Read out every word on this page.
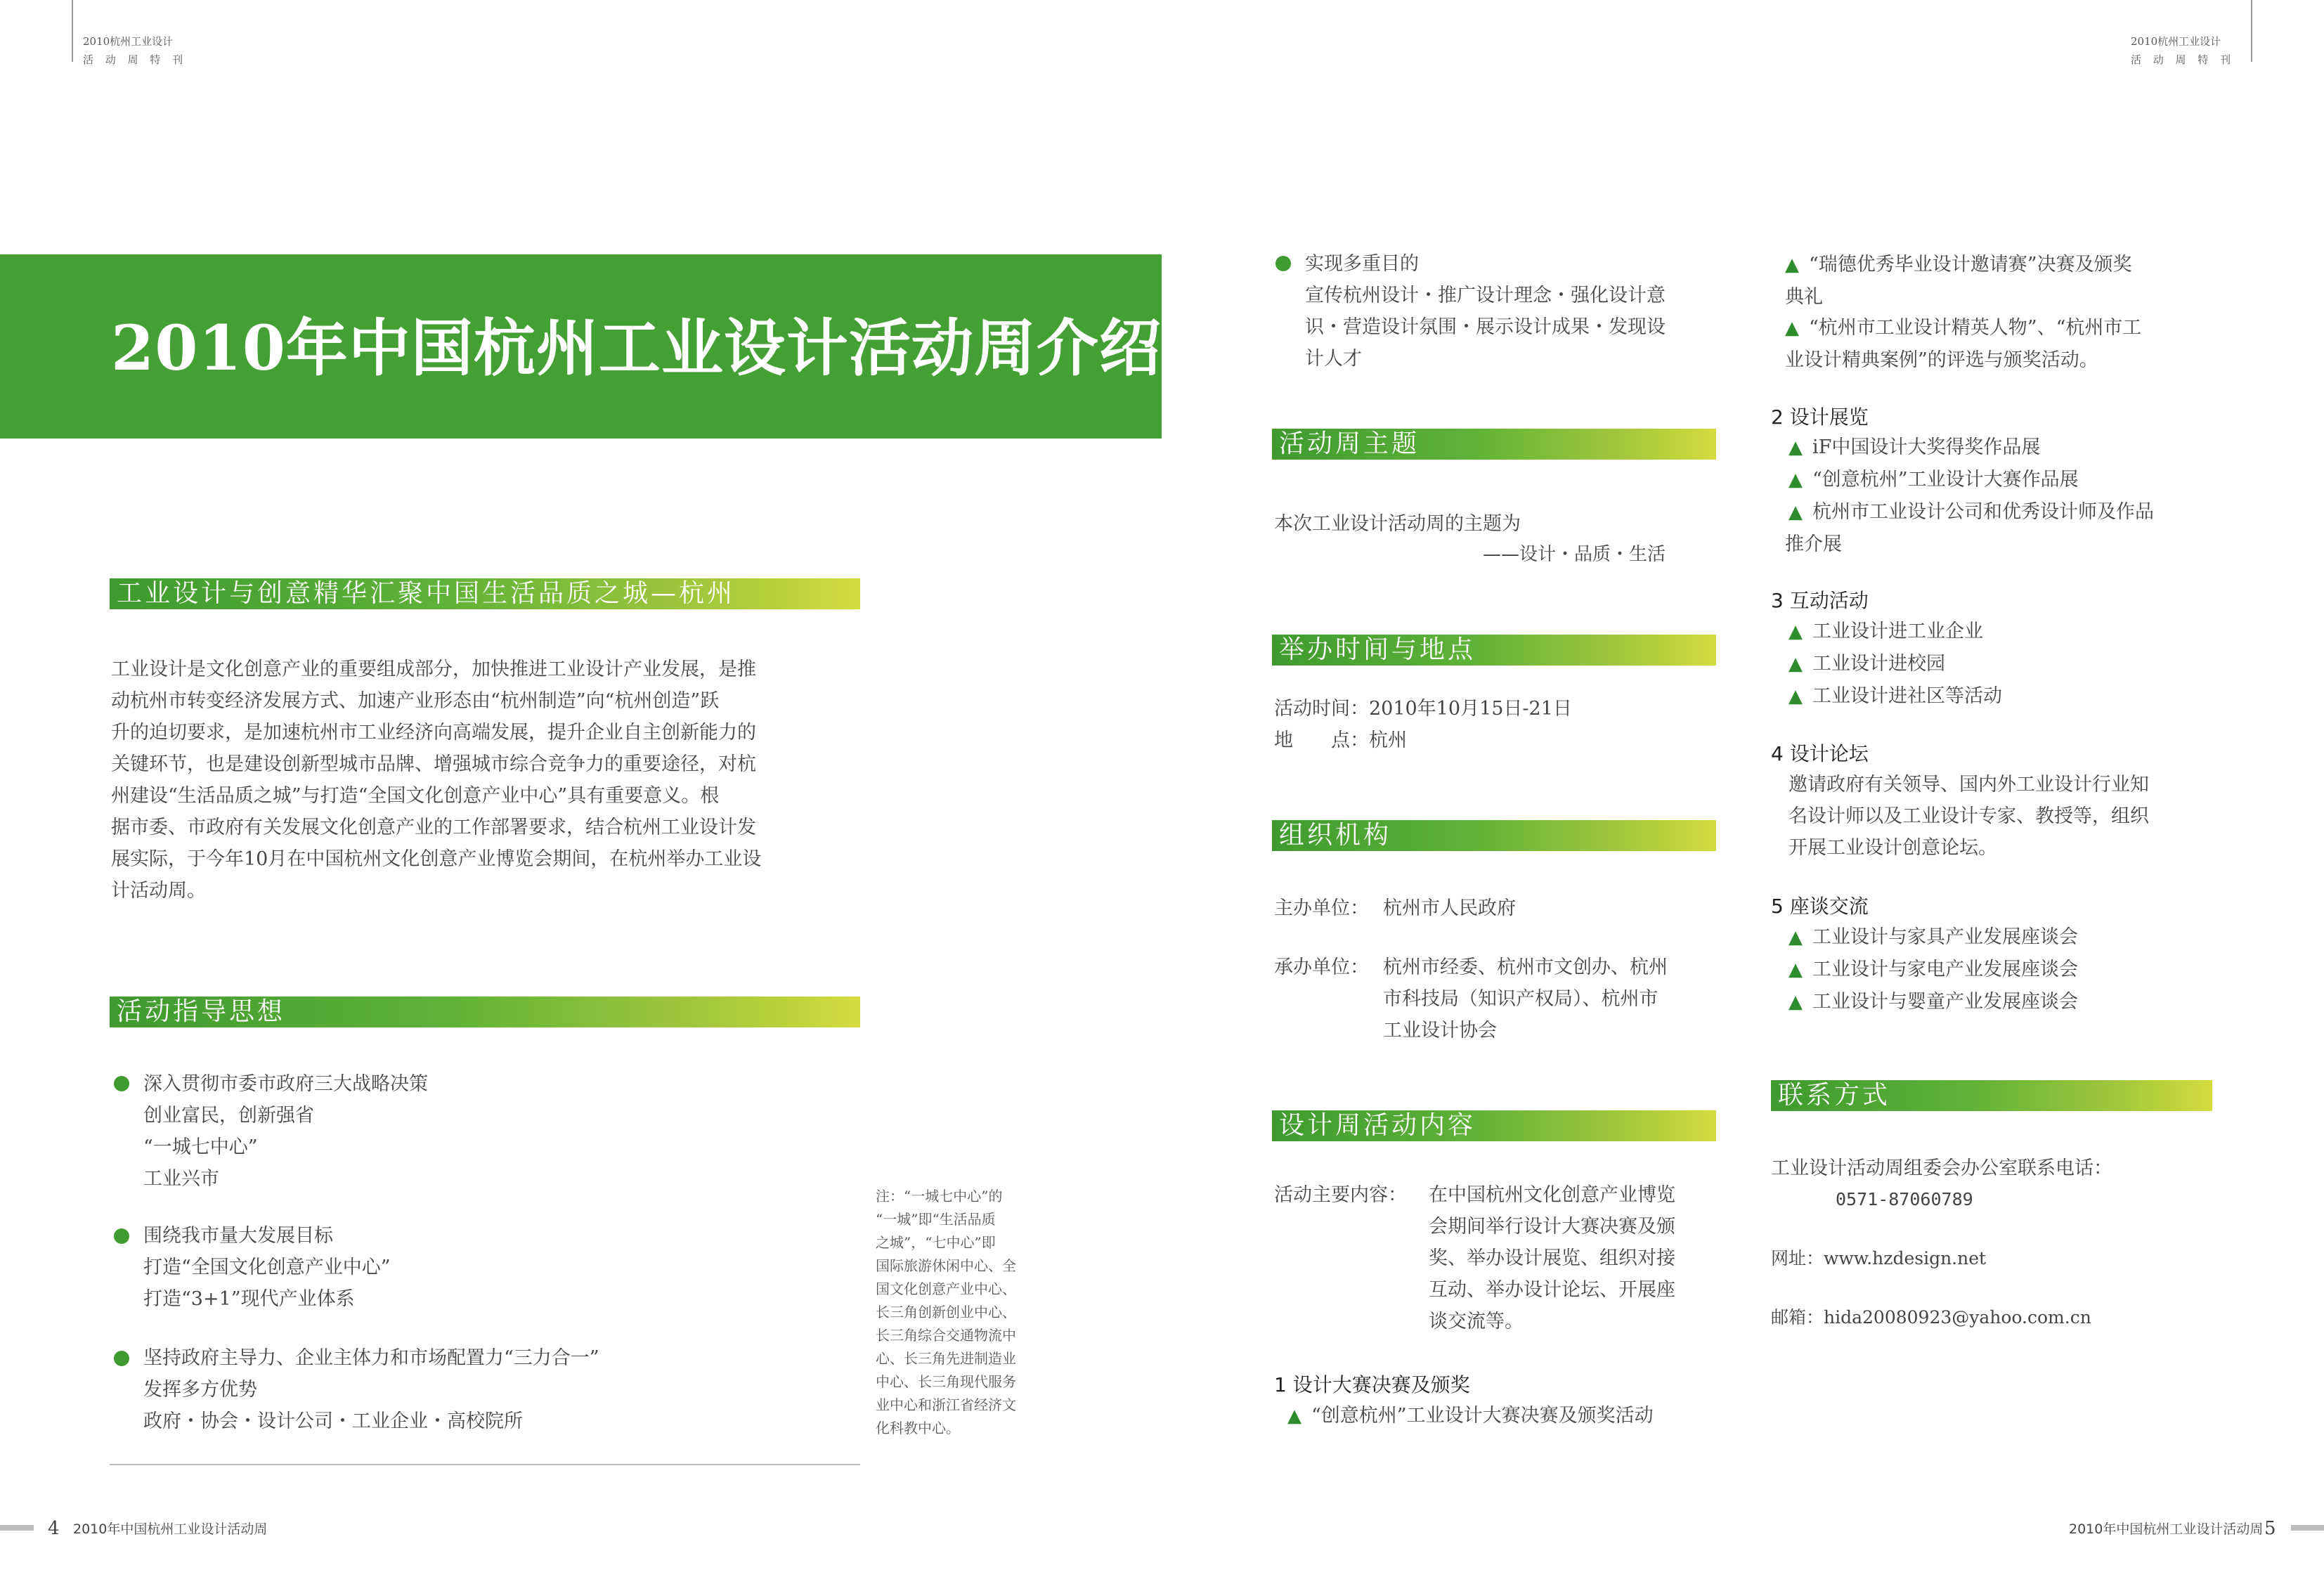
2010杭州工业设计
活 动 周 特 刊
2010杭州工业设计
活 动 周 特 刊
2010年中国杭州工业设计活动周介绍
工业设计与创意精华汇聚中国生活品质之城—杭州
工业设计是文化创意产业的重要组成部分，加快推进工业设计产业发展，是推
动杭州市转变经济发展方式、加速产业形态由“杭州制造”向“杭州创造”跃
升的迫切要求，是加速杭州市工业经济向高端发展，提升企业自主创新能力的
关键环节，也是建设创新型城市品牌、增强城市综合竞争力的重要途径，对杭
州建设“生活品质之城”与打造“全国文化创意产业中心”具有重要意义。根
据市委、市政府有关发展文化创意产业的工作部署要求，结合杭州工业设计发
展实际，于今年10月在中国杭州文化创意产业博览会期间，在杭州举办工业设
计活动周。
活动指导思想
深入贯彻市委市政府三大战略决策
创业富民，创新强省
“一城七中心”
工业兴市
围绕我市量大发展目标
打造“全国文化创意产业中心”
打造“3+1”现代产业体系
坚持政府主导力、企业主体力和市场配置力“三力合一”
发挥多方优势
政府・协会・设计公司・工业企业・高校院所
注：“一城七中心”的
“一城”即“生活品质
之城”，“七中心”即
国际旅游休闲中心、全
国文化创意产业中心、
长三角创新创业中心、
长三角综合交通物流中
心、长三角先进制造业
中心、长三角现代服务
业中心和浙江省经济文
化科教中心。
实现多重目的
宣传杭州设计・推广设计理念・强化设计意
识・营造设计氛围・展示设计成果・发现设
计人才
活动周主题
本次工业设计活动周的主题为
——设计・品质・生活
举办时间与地点
活动时间：2010年10月15日-21日
地　　点：杭州
组织机构
主办单位： 杭州市人民政府
承办单位： 杭州市经委、杭州市文创办、杭州
市科技局（知识产权局）、杭州市
工业设计协会
设计周活动内容
活动主要内容： 在中国杭州文化创意产业博览
会期间举行设计大赛决赛及颁
奖、举办设计展览、组织对接
互动、举办设计论坛、开展座
谈交流等。
1 设计大赛决赛及颁奖
▲ “创意杭州”工业设计大赛决赛及颁奖活动
▲ “瑞德优秀毕业设计邀请赛”决赛及颁奖
典礼
▲ “杭州市工业设计精英人物”、“杭州市工
业设计精典案例”的评选与颁奖活动。
2 设计展览
▲ iF中国设计大奖得奖作品展
▲ “创意杭州”工业设计大赛作品展
▲ 杭州市工业设计公司和优秀设计师及作品
推介展
3 互动活动
▲ 工业设计进工业企业
▲ 工业设计进校园
▲ 工业设计进社区等活动
4 设计论坛
邀请政府有关领导、国内外工业设计行业知
名设计师以及工业设计专家、教授等，组织
开展工业设计创意论坛。
5 座谈交流
▲ 工业设计与家具产业发展座谈会
▲ 工业设计与家电产业发展座谈会
▲ 工业设计与婴童产业发展座谈会
联系方式
工业设计活动周组委会办公室联系电话：
0571-87060789
网址：www.hzdesign.net
邮箱：hida20080923@yahoo.com.cn
4 2010年中国杭州工业设计活动周	2010年中国杭州工业设计活动周 5
